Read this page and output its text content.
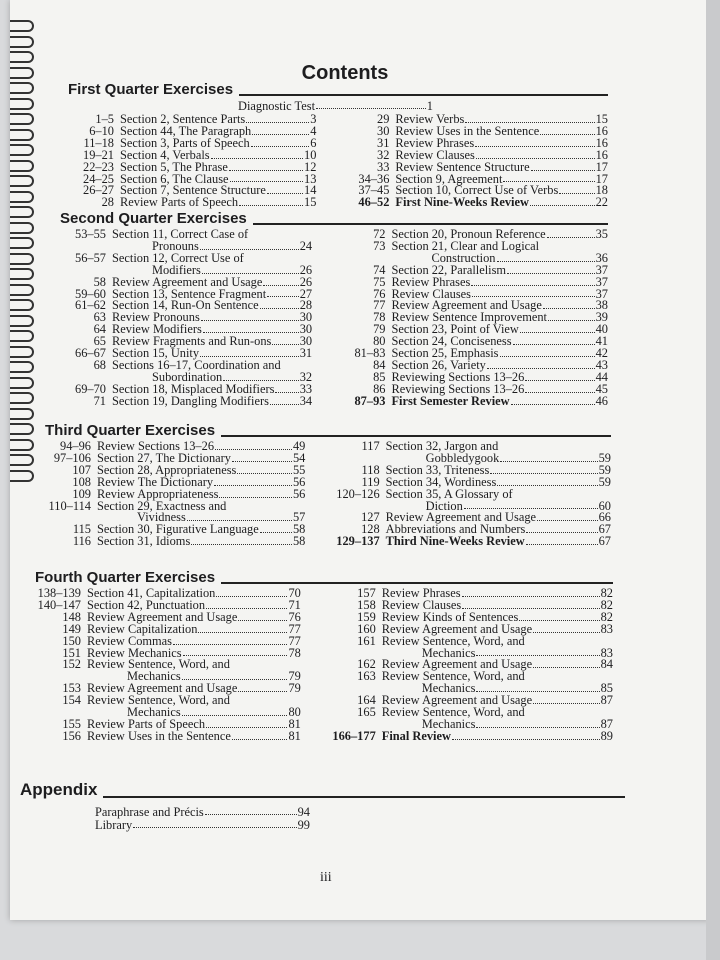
Contents
First Quarter Exercises
Diagnostic Test	1
1–5 Section 2, Sentence Parts	3
6–10 Section 44, The Paragraph	4
11–18 Section 3, Parts of Speech	6
19–21 Section 4, Verbals	10
22–23 Section 5, The Phrase	12
24–25 Section 6, The Clause	13
26–27 Section 7, Sentence Structure	14
28 Review Parts of Speech	15
29 Review Verbs	15
30 Review Uses in the Sentence	16
31 Review Phrases	16
32 Review Clauses	16
33 Review Sentence Structure	17
34–36 Section 9, Agreement	17
37–45 Section 10, Correct Use of Verbs	18
46–52 First Nine-Weeks Review	22
Second Quarter Exercises
53–55 Section 11, Correct Case of
Pronouns	24
56–57 Section 12, Correct Use of
Modifiers	26
58 Review Agreement and Usage	26
59–60 Section 13, Sentence Fragment	27
61–62 Section 14, Run-On Sentence	28
63 Review Pronouns	30
64 Review Modifiers	30
65 Review Fragments and Run-ons 30
66–67 Section 15, Unity	31
68 Sections 16–17, Coordination and
Subordination	32
69–70 Section 18, Misplaced Modifiers 33
71 Section 19, Dangling Modifiers 34
72 Section 20, Pronoun Reference	35
73 Section 21, Clear and Logical
Construction	36
74 Section 22, Parallelism	37
75 Review Phrases	37
76 Review Clauses	37
77 Review Agreement and Usage	38
78 Review Sentence Improvement	39
79 Section 23, Point of View	40
80 Section 24, Conciseness	41
81–83 Section 25, Emphasis	42
84 Section 26, Variety	43
85 Reviewing Sections 13–26	44
86 Reviewing Sections 13–26	45
87–93 First Semester Review	46
Third Quarter Exercises
94–96 Review Sections 13–26	49
97–106 Section 27, The Dictionary	54
107 Section 28, Appropriateness	55
108 Review The Dictionary	56
109 Review Appropriateness	56
110–114 Section 29, Exactness and
Vividness	57
115 Section 30, Figurative Language	58
116 Section 31, Idioms	58
117 Section 32, Jargon and
Gobbledygook	59
118 Section 33, Triteness	59
119 Section 34, Wordiness	59
120–126 Section 35, A Glossary of
Diction	60
127 Review Agreement and Usage	66
128 Abbreviations and Numbers	67
129–137 Third Nine-Weeks Review	67
Fourth Quarter Exercises
138–139 Section 41, Capitalization	70
140–147 Section 42, Punctuation	71
148 Review Agreement and Usage	76
149 Review Capitalization	77
150 Review Commas	77
151 Review Mechanics	78
152 Review Sentence, Word, and
Mechanics	79
153 Review Agreement and Usage	79
154 Review Sentence, Word, and
Mechanics	80
155 Review Parts of Speech	81
156 Review Uses in the Sentence	81
157 Review Phrases	82
158 Review Clauses	82
159 Review Kinds of Sentences	82
160 Review Agreement and Usage	83
161 Review Sentence, Word, and
Mechanics	83
162 Review Agreement and Usage	84
163 Review Sentence, Word, and
Mechanics	85
164 Review Agreement and Usage	87
165 Review Sentence, Word, and
Mechanics	87
166–177 Final Review	89
Appendix
Paraphrase and Précis	94
Library	99
iii
